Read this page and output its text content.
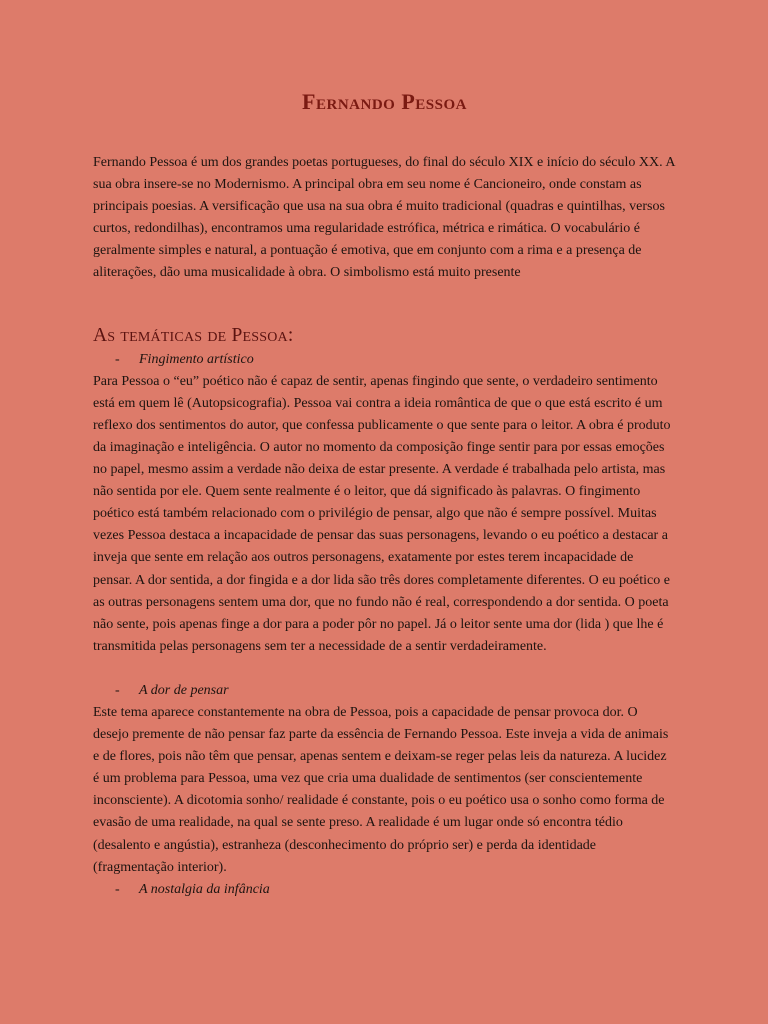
Fernando Pessoa

Fernando Pessoa é um dos grandes poetas portugueses, do final do século XIX e início do século XX. A sua obra insere-se no Modernismo. A principal obra em seu nome é Cancioneiro, onde constam as principais poesias. A versificação que usa na sua obra é muito tradicional (quadras e quintilhas, versos curtos, redondilhas), encontramos uma regularidade estrófica, métrica e rimática. O vocabulário é geralmente simples e natural, a pontuação é emotiva, que em conjunto com a rima e a presença de aliterações, dão uma musicalidade à obra. O simbolismo está muito presente

As temáticas de Pessoa:
-	Fingimento artístico

Para Pessoa o “eu” poético não é capaz de sentir, apenas fingindo que sente, o verdadeiro sentimento está em quem lê (Autopsicografia). Pessoa vai contra a ideia romântica de que o que está escrito é um reflexo dos sentimentos do autor, que confessa publicamente o que sente para o leitor. A obra é produto da imaginação e inteligência. O autor no momento da composição finge sentir para por essas emoções no papel, mesmo assim a verdade não deixa de estar presente. A verdade é trabalhada pelo artista, mas não sentida por ele. Quem sente realmente é o leitor, que dá significado às palavras. O fingimento poético está também relacionado com o privilégio de pensar, algo que não é sempre possível. Muitas vezes Pessoa destaca a incapacidade de pensar das suas personagens, levando o eu poético a destacar a inveja que sente em relação aos outros personagens, exatamente por estes terem incapacidade de pensar. A dor sentida, a dor fingida e a dor lida são três dores completamente diferentes. O eu poético e as outras personagens sentem uma dor, que no fundo não é real, correspondendo a dor sentida. O poeta não sente, pois apenas finge a dor para a poder pôr no papel. Já o leitor sente uma dor (lida ) que lhe é transmitida pelas personagens sem ter a necessidade de a sentir verdadeiramente.

-	A dor de pensar

Este tema aparece constantemente na obra de Pessoa, pois a capacidade de pensar provoca dor. O desejo premente de não pensar faz parte da essência de Fernando Pessoa. Este inveja a vida de animais e de flores, pois não têm que pensar, apenas sentem e deixam-se reger pelas leis da natureza. A lucidez é um problema para Pessoa, uma vez que cria uma dualidade de sentimentos (ser conscientemente inconsciente). A dicotomia sonho/ realidade é constante, pois o eu poético usa o sonho como forma de evasão de uma realidade, na qual se sente preso. A realidade é um lugar onde só encontra tédio (desalento e angústia), estranheza (desconhecimento do próprio ser) e perda da identidade (fragmentação interior).

-	A nostalgia da infância
